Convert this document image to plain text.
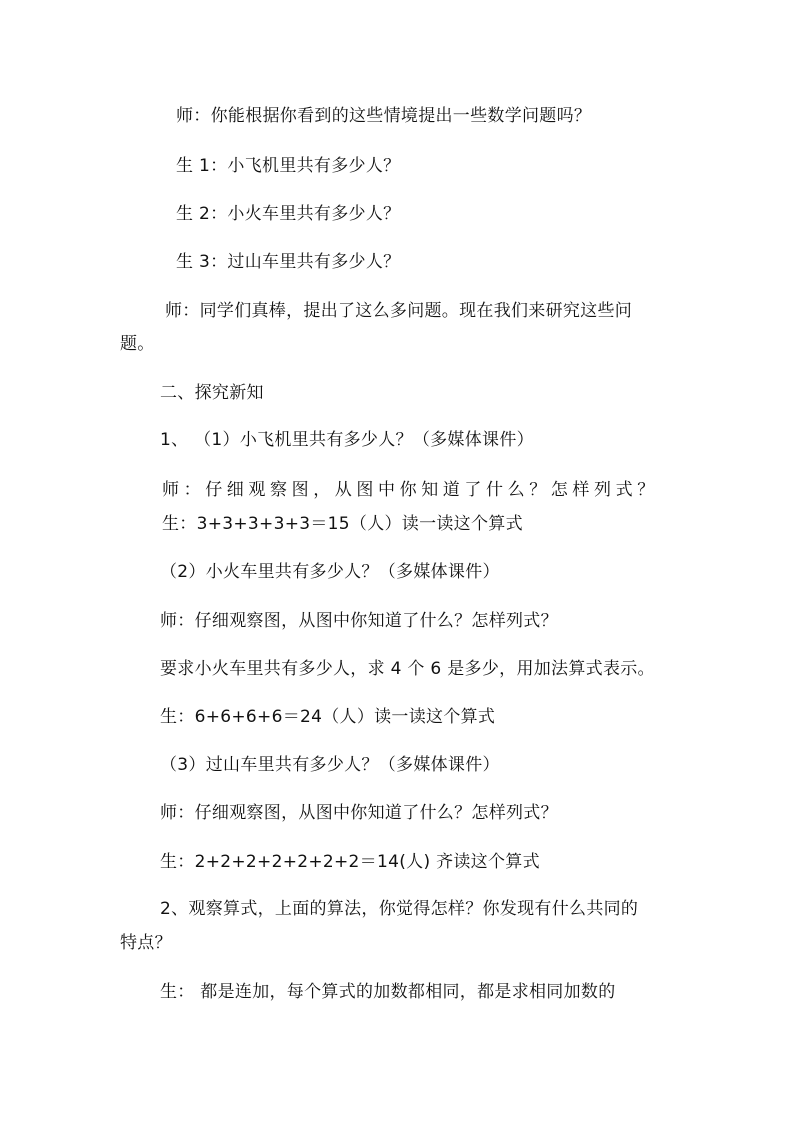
师：你能根据你看到的这些情境提出一些数学问题吗？
生 1：小飞机里共有多少人？
生 2：小火车里共有多少人？
生 3：过山车里共有多少人？
师：同学们真棒，提出了这么多问题。现在我们来研究这些问
题。
二、探究新知
1、 （1）小飞机里共有多少人？（多媒体课件）
师：仔细观察图，从图中你知道了什么？怎样列式？
生：3+3+3+3+3＝15（人）读一读这个算式
（2）小火车里共有多少人？（多媒体课件）
师：仔细观察图，从图中你知道了什么？怎样列式？
要求小火车里共有多少人，求 4 个 6 是多少，用加法算式表示。
生：6+6+6+6＝24（人）读一读这个算式
（3）过山车里共有多少人？（多媒体课件）
师：仔细观察图，从图中你知道了什么？怎样列式？
生：2+2+2+2+2+2+2＝14(人) 齐读这个算式
2、观察算式，上面的算法，你觉得怎样？你发现有什么共同的
特点？
生： 都是连加，每个算式的加数都相同，都是求相同加数的
